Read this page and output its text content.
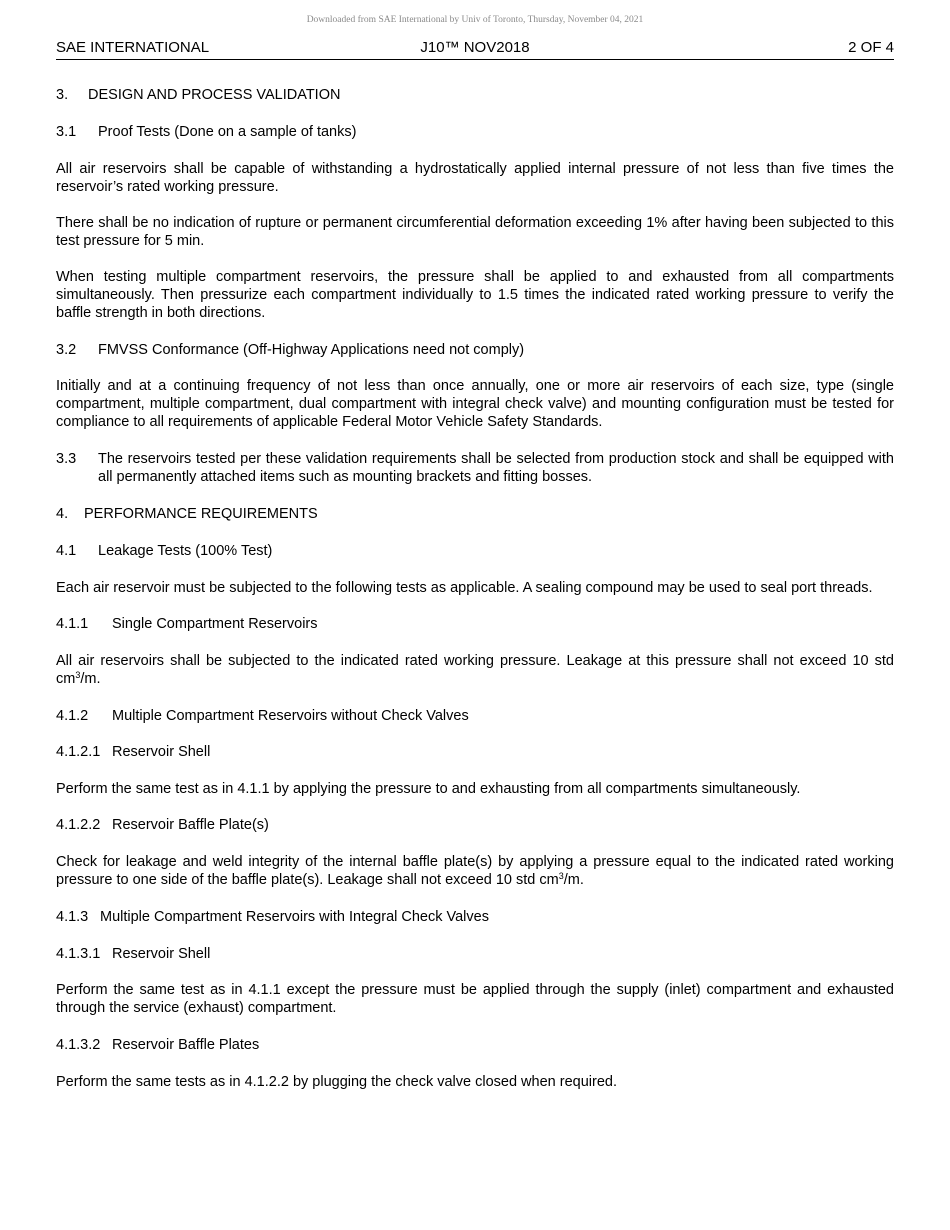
Downloaded from SAE International by Univ of Toronto, Thursday, November 04, 2021
SAE INTERNATIONAL	J10™ NOV2018	2 OF 4

3. DESIGN AND PROCESS VALIDATION

3.1 Proof Tests (Done on a sample of tanks)

All air reservoirs shall be capable of withstanding a hydrostatically applied internal pressure of not less than five times the reservoir’s rated working pressure.

There shall be no indication of rupture or permanent circumferential deformation exceeding 1% after having been subjected to this test pressure for 5 min.

When testing multiple compartment reservoirs, the pressure shall be applied to and exhausted from all compartments simultaneously. Then pressurize each compartment individually to 1.5 times the indicated rated working pressure to verify the baffle strength in both directions.

3.2 FMVSS Conformance (Off-Highway Applications need not comply)

Initially and at a continuing frequency of not less than once annually, one or more air reservoirs of each size, type (single compartment, multiple compartment, dual compartment with integral check valve) and mounting configuration must be tested for compliance to all requirements of applicable Federal Motor Vehicle Safety Standards.

3.3	The reservoirs tested per these validation requirements shall be selected from production stock and shall be equipped with all permanently attached items such as mounting brackets and fitting bosses.

4. PERFORMANCE REQUIREMENTS

4.1 Leakage Tests (100% Test)

Each air reservoir must be subjected to the following tests as applicable. A sealing compound may be used to seal port threads.

4.1.1 Single Compartment Reservoirs

All air reservoirs shall be subjected to the indicated rated working pressure. Leakage at this pressure shall not exceed 10 std $cm^3/m$.

4.1.2 Multiple Compartment Reservoirs without Check Valves

4.1.2.1 Reservoir Shell

Perform the same test as in 4.1.1 by applying the pressure to and exhausting from all compartments simultaneously.

4.1.2.2 Reservoir Baffle Plate(s)

Check for leakage and weld integrity of the internal baffle plate(s) by applying a pressure equal to the indicated rated working pressure to one side of the baffle plate(s). Leakage shall not exceed 10 std $cm^3/m$.

4.1.3 Multiple Compartment Reservoirs with Integral Check Valves

4.1.3.1 Reservoir Shell

Perform the same test as in 4.1.1 except the pressure must be applied through the supply (inlet) compartment and exhausted through the service (exhaust) compartment.

4.1.3.2 Reservoir Baffle Plates

Perform the same tests as in 4.1.2.2 by plugging the check valve closed when required.
